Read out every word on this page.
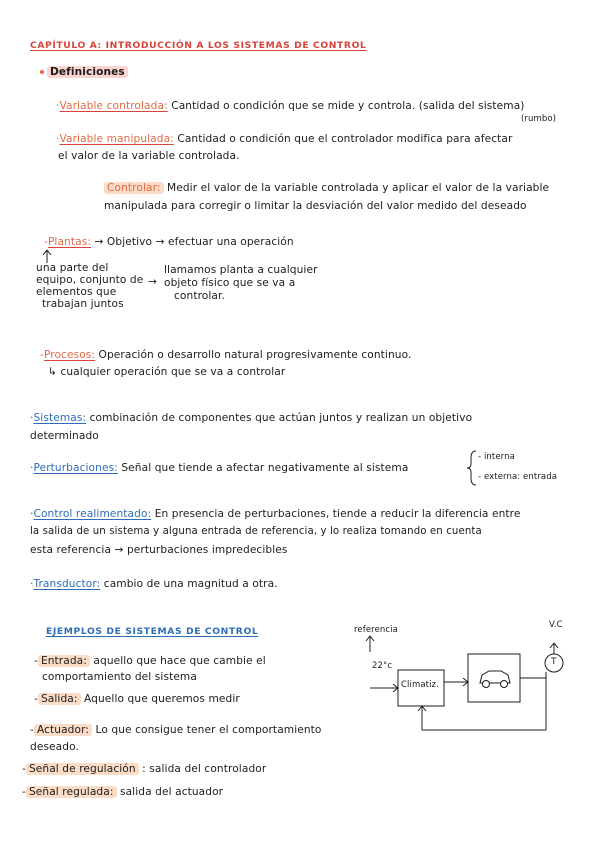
CAPÍTULO A: INTRODUCCIÓN A LOS SISTEMAS DE CONTROL
Definiciones
·Variable controlada: Cantidad o condición que se mide y controla. (salida del sistema)
(rumbo)
·Variable manipulada: Cantidad o condición que el controlador modifica para afectar
el valor de la variable controlada.
Controlar: Medir el valor de la variable controlada y aplicar el valor de la variable
manipulada para corregir o limitar la desviación del valor medido del deseado
-Plantas: → Objetivo → efectuar una operación
una parte del
equipo, conjunto de
elementos que
trabajan juntos
→
llamamos planta a cualquier
objeto físico que se va a
controlar.
-Procesos: Operación o desarrollo natural progresivamente continuo.
↳ cualquier operación que se va a controlar
·Sistemas: combinación de componentes que actúan juntos y realizan un objetivo
determinado
·Perturbaciones: Señal que tiende a afectar negativamente al sistema
- interna
- externa: entrada
·Control realimentado: En presencia de perturbaciones, tiende a reducir la diferencia entre
la salida de un sistema y alguna entrada de referencia, y lo realiza tomando en cuenta
esta referencia → perturbaciones impredecibles
·Transductor: cambio de una magnitud a otra.
EJEMPLOS DE SISTEMAS DE CONTROL
- Entrada: aquello que hace que cambie el
comportamiento del sistema
- Salida: Aquello que queremos medir
- Actuador: Lo que consigue tener el comportamiento
deseado.
- Señal de regulación : salida del controlador
- Señal regulada: salida del actuador
referencia
22°c
V.C
Climatiz.
T
